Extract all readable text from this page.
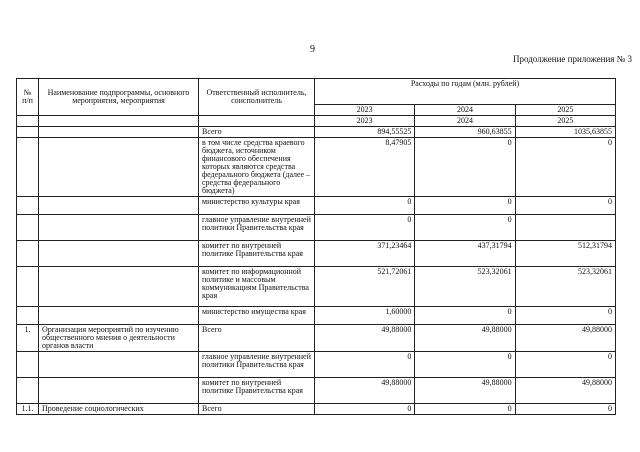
9
Продолжение приложения № 3
№ п/п	Наименование подпрограммы, основного мероприятия, мероприятия	Ответственный исполнитель, соисполнитель	Расходы по годам (млн. рублей)		
			2023	2024	2025
			2023	2024	2025
		Всего	894,55525	960,63855	1035,63855
		в том числе средства краевого бюджета, источником финансового обеспечения которых являются средства федерального бюджета (далее – средства федерального бюджета)	8,47905	0	0
		министерство культуры края	0	0	0
		главное управление внутренней политики Правительства края	0	0	
		комитет по внутренней политике Правительства края	371,23464	437,31794	512,31794
		комитет по информационной политике и массовым коммуникациям Правительства края	521,72061	523,32061	523,32061
		министерство имущества края	1,60000	0	0
1.	Организация мероприятий по изучению общественного мнения о деятельности органов власти	Всего	49,88000	49,88000	49,88000
		главное управление внутренней политики Правительства края	0	0	0
		комитет по внутренней политике Правительства края	49,88000	49,88000	49,88000
1.1.	Проведение социологических	Всего	0	0	0
